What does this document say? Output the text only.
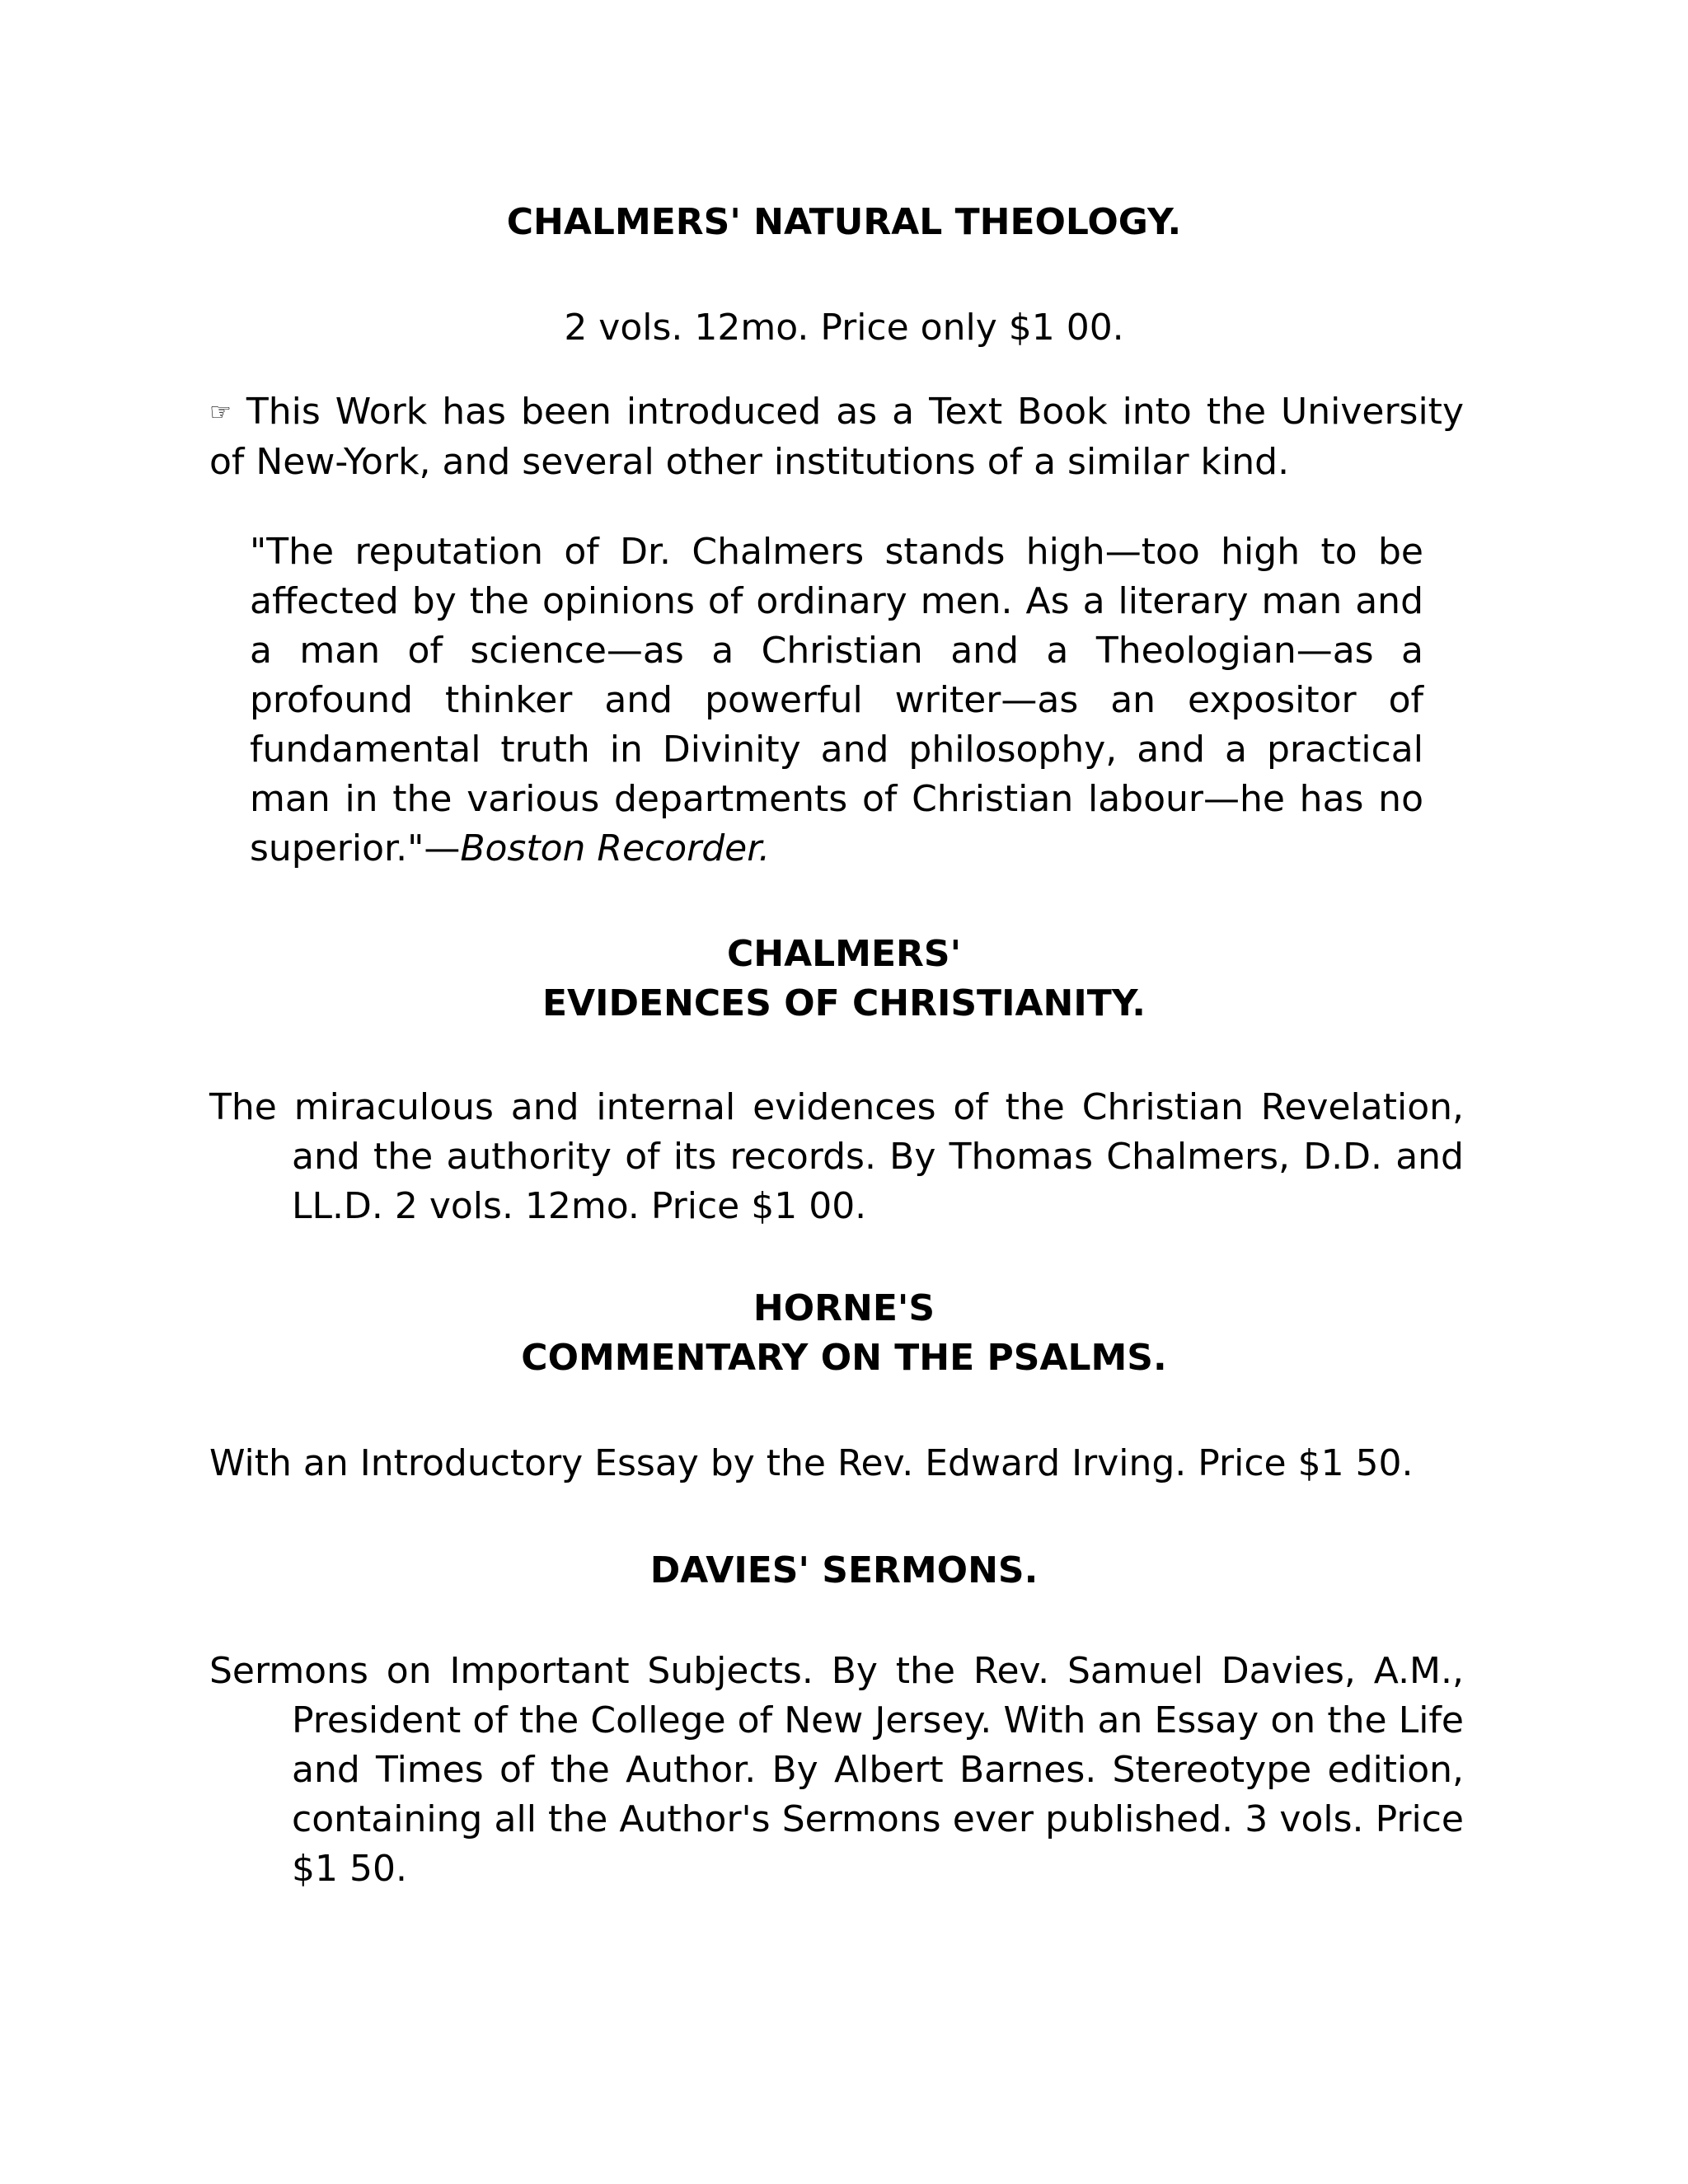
CHALMERS' NATURAL THEOLOGY.

2 vols. 12mo. Price only $1 00.

☞ This Work has been introduced as a Text Book into the University of New-York, and several other institutions of a similar kind.

"The reputation of Dr. Chalmers stands high—too high to be affected by the opinions of ordinary men. As a literary man and a man of science—as a Christian and a Theologian—as a profound thinker and powerful writer—as an expositor of fundamental truth in Divinity and philosophy, and a practical man in the various departments of Christian labour—he has no superior."—Boston Recorder.

CHALMERS'
EVIDENCES OF CHRISTIANITY.

The miraculous and internal evidences of the Christian Revelation, and the authority of its records. By Thomas Chalmers, D.D. and LL.D. 2 vols. 12mo. Price $1 00.

HORNE'S
COMMENTARY ON THE PSALMS.

With an Introductory Essay by the Rev. Edward Irving. Price $1 50.

DAVIES' SERMONS.

Sermons on Important Subjects. By the Rev. Samuel Davies, A.M., President of the College of New Jersey. With an Essay on the Life and Times of the Author. By Albert Barnes. Stereotype edition, containing all the Author's Sermons ever published. 3 vols. Price $1 50.
